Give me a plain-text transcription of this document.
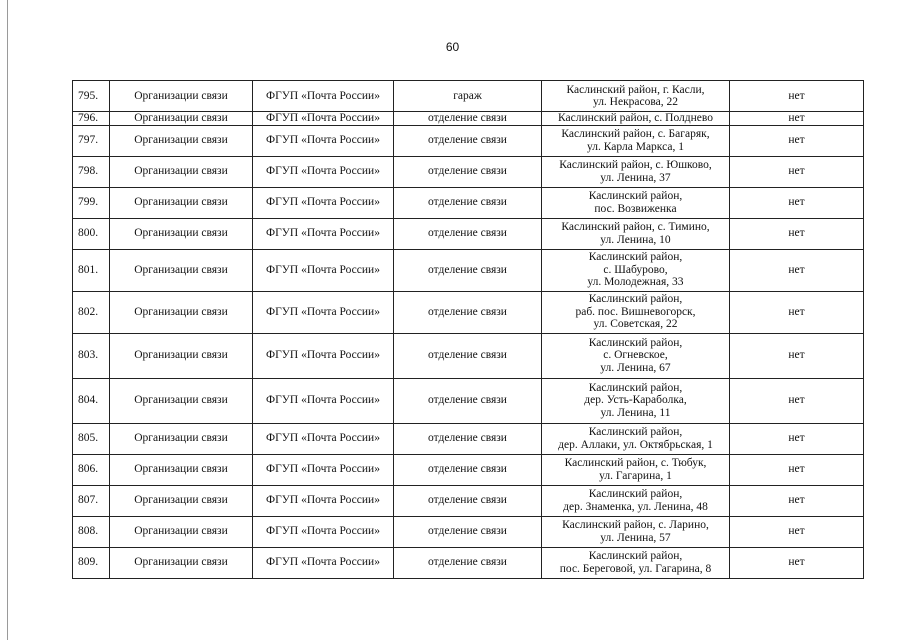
60
795.	Организации связи	ФГУП «Почта России»	гараж	Каслинский район, г. Касли,
ул. Некрасова, 22	нет
796.	Организации связи	ФГУП «Почта России»	отделение связи	Каслинский район, с. Полднево	нет
797.	Организации связи	ФГУП «Почта России»	отделение связи	Каслинский район, с. Багаряк,
ул. Карла Маркса, 1	нет
798.	Организации связи	ФГУП «Почта России»	отделение связи	Каслинский район, с. Юшково,
ул. Ленина, 37	нет
799.	Организации связи	ФГУП «Почта России»	отделение связи	Каслинский район,
пос. Возвиженка	нет
800.	Организации связи	ФГУП «Почта России»	отделение связи	Каслинский район, с. Тимино,
ул. Ленина, 10	нет
801.	Организации связи	ФГУП «Почта России»	отделение связи	Каслинский район,
с. Шабурово,
ул. Молодежная, 33	нет
802.	Организации связи	ФГУП «Почта России»	отделение связи	Каслинский район,
раб. пос. Вишневогорск,
ул. Советская, 22	нет
803.	Организации связи	ФГУП «Почта России»	отделение связи	Каслинский район,
с. Огневское,
ул. Ленина, 67	нет
804.	Организации связи	ФГУП «Почта России»	отделение связи	Каслинский район,
дер. Усть-Караболка,
ул. Ленина, 11	нет
805.	Организации связи	ФГУП «Почта России»	отделение связи	Каслинский район,
дер. Аллаки, ул. Октябрьская, 1	нет
806.	Организации связи	ФГУП «Почта России»	отделение связи	Каслинский район, с. Тюбук,
ул. Гагарина, 1	нет
807.	Организации связи	ФГУП «Почта России»	отделение связи	Каслинский район,
дер. Знаменка, ул. Ленина, 48	нет
808.	Организации связи	ФГУП «Почта России»	отделение связи	Каслинский район, с. Ларино,
ул. Ленина, 57	нет
809.	Организации связи	ФГУП «Почта России»	отделение связи	Каслинский район,
пос. Береговой, ул. Гагарина, 8	нет
